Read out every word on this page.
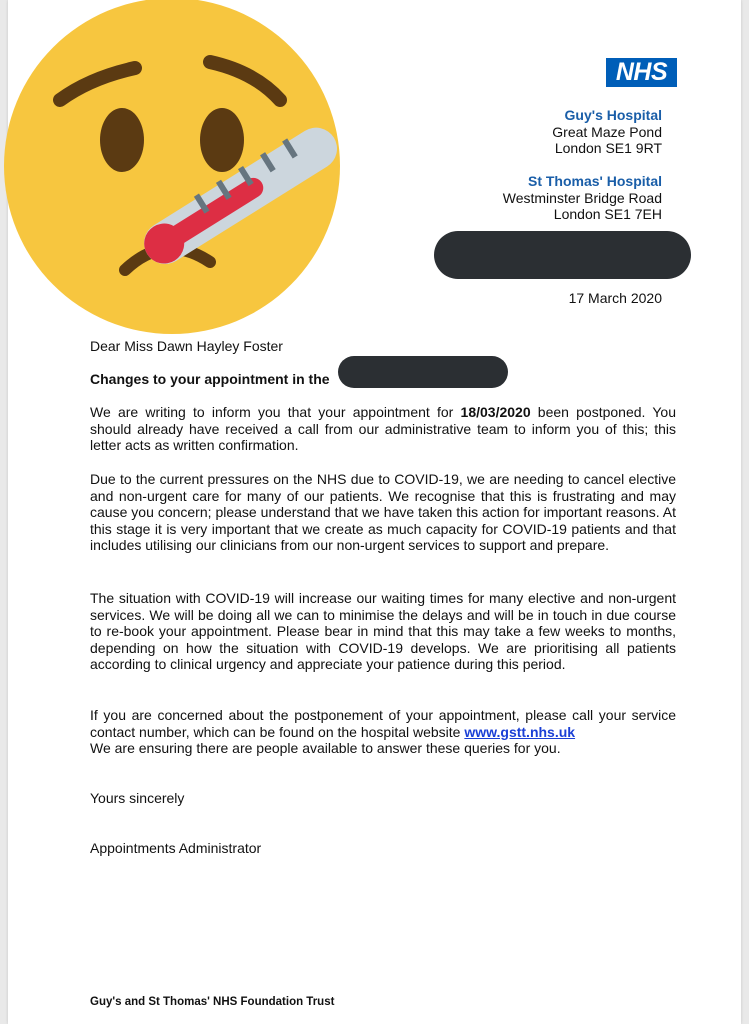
NHS
Guy's Hospital
Great Maze Pond
London SE1 9RT
St Thomas' Hospital
Westminster Bridge Road
London SE1 7EH
17 March 2020
Dear Miss Dawn Hayley Foster
Changes to your appointment in the
We are writing to inform you that your appointment for 18/03/2020 been postponed. You should already have received a call from our administrative team to inform you of this; this letter acts as written confirmation.
Due to the current pressures on the NHS due to COVID-19, we are needing to cancel elective and non-urgent care for many of our patients. We recognise that this is frustrating and may cause you concern; please understand that we have taken this action for important reasons. At this stage it is very important that we create as much capacity for COVID-19 patients and that includes utilising our clinicians from our non-urgent services to support and prepare.
The situation with COVID-19 will increase our waiting times for many elective and non-urgent services. We will be doing all we can to minimise the delays and will be in touch in due course to re-book your appointment. Please bear in mind that this may take a few weeks to months, depending on how the situation with COVID-19 develops. We are prioritising all patients according to clinical urgency and appreciate your patience during this period.
If you are concerned about the postponement of your appointment, please call your service contact number, which can be found on the hospital website www.gstt.nhs.uk
We are ensuring there are people available to answer these queries for you.
Yours sincerely
Appointments Administrator
Guy's and St Thomas' NHS Foundation Trust
